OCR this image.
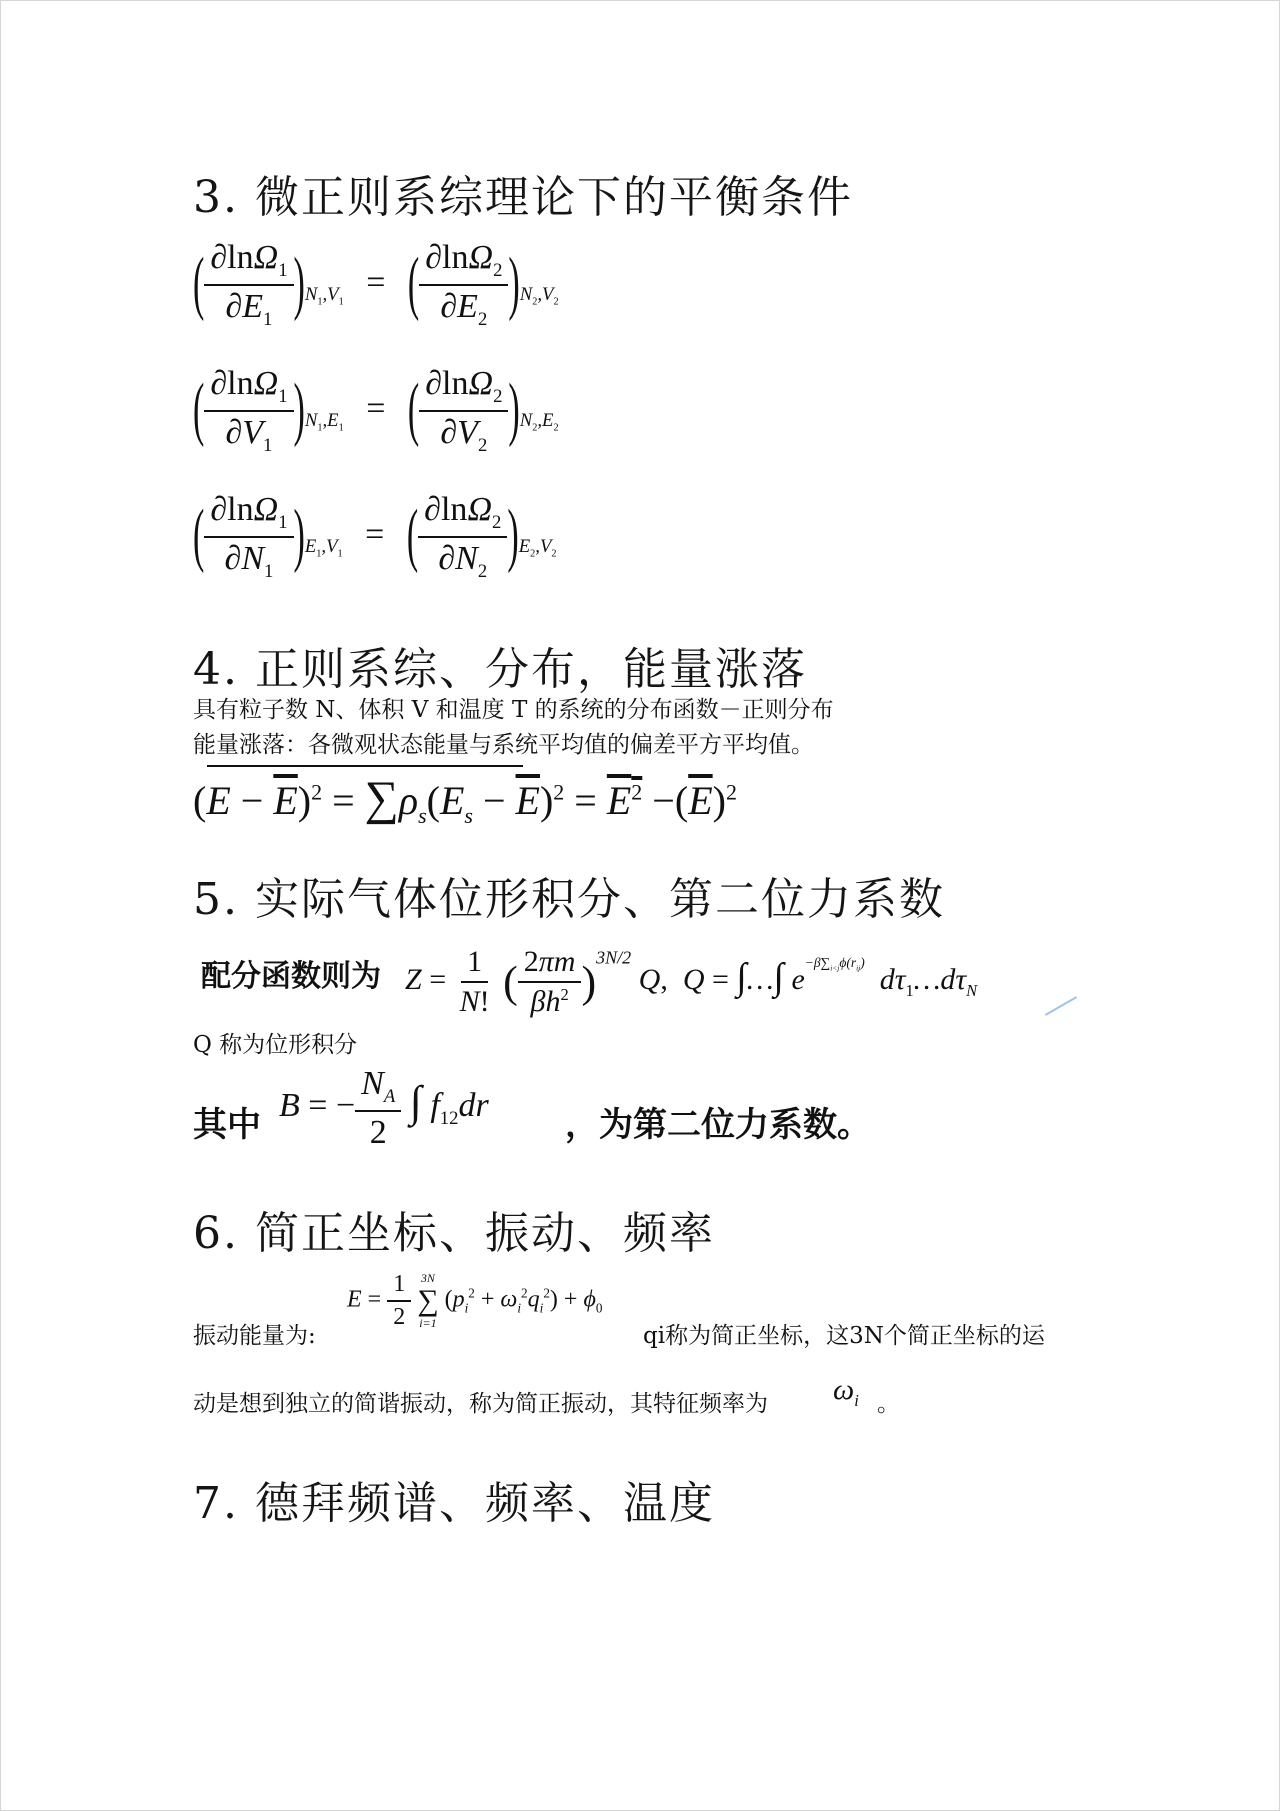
3. 微正则系综理论下的平衡条件
( $\frac{\partial\ln\Omega_1}{\partial E_1} )_{N_1,V_1}$ = ( $\frac{\partial\ln\Omega_2}{\partial E_2} )_{N_2,V_2}$
( $\frac{\partial\ln\Omega_1}{\partial V_1} )_{N_1,E_1}$ = ( $\frac{\partial\ln\Omega_2}{\partial V_2} )_{N_2,E_2}$
( $\frac{\partial\ln\Omega_1}{\partial N_1} )_{E_1,V_1}$ = ( $\frac{\partial\ln\Omega_2}{\partial N_2} )_{E_2,V_2}$
4. 正则系综、分布，能量涨落

具有粒子数 N、体积 V 和温度 T 的系统的分布函数－正则分布

能量涨落：各微观状态能量与系统平均值的偏差平方平均值。

$(E - \overline{E})^2 = \sum\rho_s(E_s - \overline{E})^2 = E^2 -(\overline{E})^2$
5. 实际气体位形积分、第二位力系数
配分函数则为 $Z = \frac{1}{N!}$ ( $\frac{2\pi m}{\beta h^2} )^{3N/2}$ Q,  Q = ∫…∫ $e^{-\beta\sum_{i<j}\phi(r_{ij})}$  $d\tau_1\dots d\tau_N$

Q 称为位形积分

其中 B = − $\frac{N_A}{2}$ ∫ $f_{12}dr$ ，为第二位力系数。
6. 简正坐标、振动、频率
振动能量为:
$E = \frac{1}{2}$
3N
∑
i=1
$(p_i^2 + \omega_i^2q_i^2) + \phi_0$
qi称为简正坐标，这3N个简正坐标的运
动是想到独立的简谐振动，称为简正振动，其特征频率为 $\omega_i$ 。
7. 德拜频谱、频率、温度
